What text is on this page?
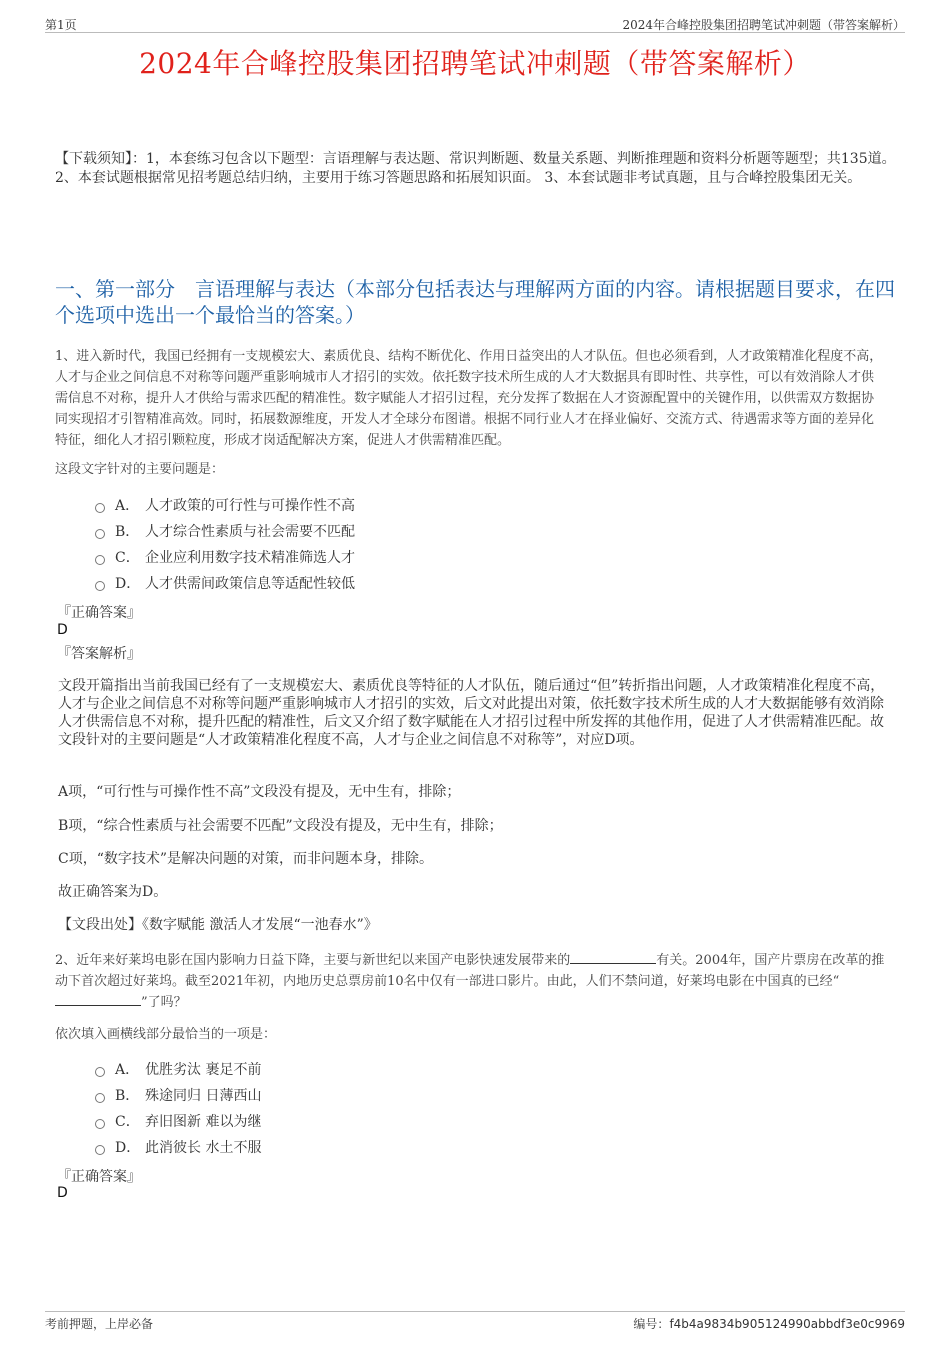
第1页	2024年合峰控股集团招聘笔试冲刺题（带答案解析）
2024年合峰控股集团招聘笔试冲刺题（带答案解析）
【下载须知】：1，本套练习包含以下题型：言语理解与表达题、常识判断题、数量关系题、判断推理题和资料分析题等题型；共135道。 2、本套试题根据常见招考题总结归纳，主要用于练习答题思路和拓展知识面。 3、本套试题非考试真题，且与合峰控股集团无关。
一、第一部分　言语理解与表达（本部分包括表达与理解两方面的内容。请根据题目要求，在四个选项中选出一个最恰当的答案。）
1、进入新时代，我国已经拥有一支规模宏大、素质优良、结构不断优化、作用日益突出的人才队伍。但也必须看到，人才政策精准化程度不高，人才与企业之间信息不对称等问题严重影响城市人才招引的实效。依托数字技术所生成的人才大数据具有即时性、共享性，可以有效消除人才供需信息不对称，提升人才供给与需求匹配的精准性。数字赋能人才招引过程，充分发挥了数据在人才资源配置中的关键作用，以供需双方数据协同实现招才引智精准高效。同时，拓展数源维度，开发人才全球分布图谱。根据不同行业人才在择业偏好、交流方式、待遇需求等方面的差异化特征，细化人才招引颗粒度，形成才岗适配解决方案，促进人才供需精准匹配。
这段文字针对的主要问题是：
A． 人才政策的可行性与可操作性不高
B． 人才综合性素质与社会需要不匹配
C． 企业应利用数字技术精准筛选人才
D． 人才供需间政策信息等适配性较低
『正确答案』
D
『答案解析』
文段开篇指出当前我国已经有了一支规模宏大、素质优良等特征的人才队伍，随后通过“但”转折指出问题，人才政策精准化程度不高，人才与企业之间信息不对称等问题严重影响城市人才招引的实效，后文对此提出对策，依托数字技术所生成的人才大数据能够有效消除人才供需信息不对称，提升匹配的精准性，后文又介绍了数字赋能在人才招引过程中所发挥的其他作用，促进了人才供需精准匹配。故文段针对的主要问题是“人才政策精准化程度不高，人才与企业之间信息不对称等”，对应D项。
A项，“可行性与可操作性不高”文段没有提及，无中生有，排除；
B项，“综合性素质与社会需要不匹配”文段没有提及，无中生有，排除；
C项，“数字技术”是解决问题的对策，而非问题本身，排除。
故正确答案为D。
【文段出处】《数字赋能 激活人才发展“一池春水”》
2、近年来好莱坞电影在国内影响力日益下降，主要与新世纪以来国产电影快速发展带来的	有关。2004年，国产片票房在改革的推动下首次超过好莱坞。截至2021年初，内地历史总票房前10名中仅有一部进口影片。由此，人们不禁问道，好莱坞电影在中国真的已经“”了吗？
依次填入画横线部分最恰当的一项是：
A． 优胜劣汰 裹足不前
B． 殊途同归 日薄西山
C． 弃旧图新 难以为继
D． 此消彼长 水土不服
『正确答案』
D
考前押题，上岸必备	编号：f4b4a9834b905124990abbdf3e0c9969
